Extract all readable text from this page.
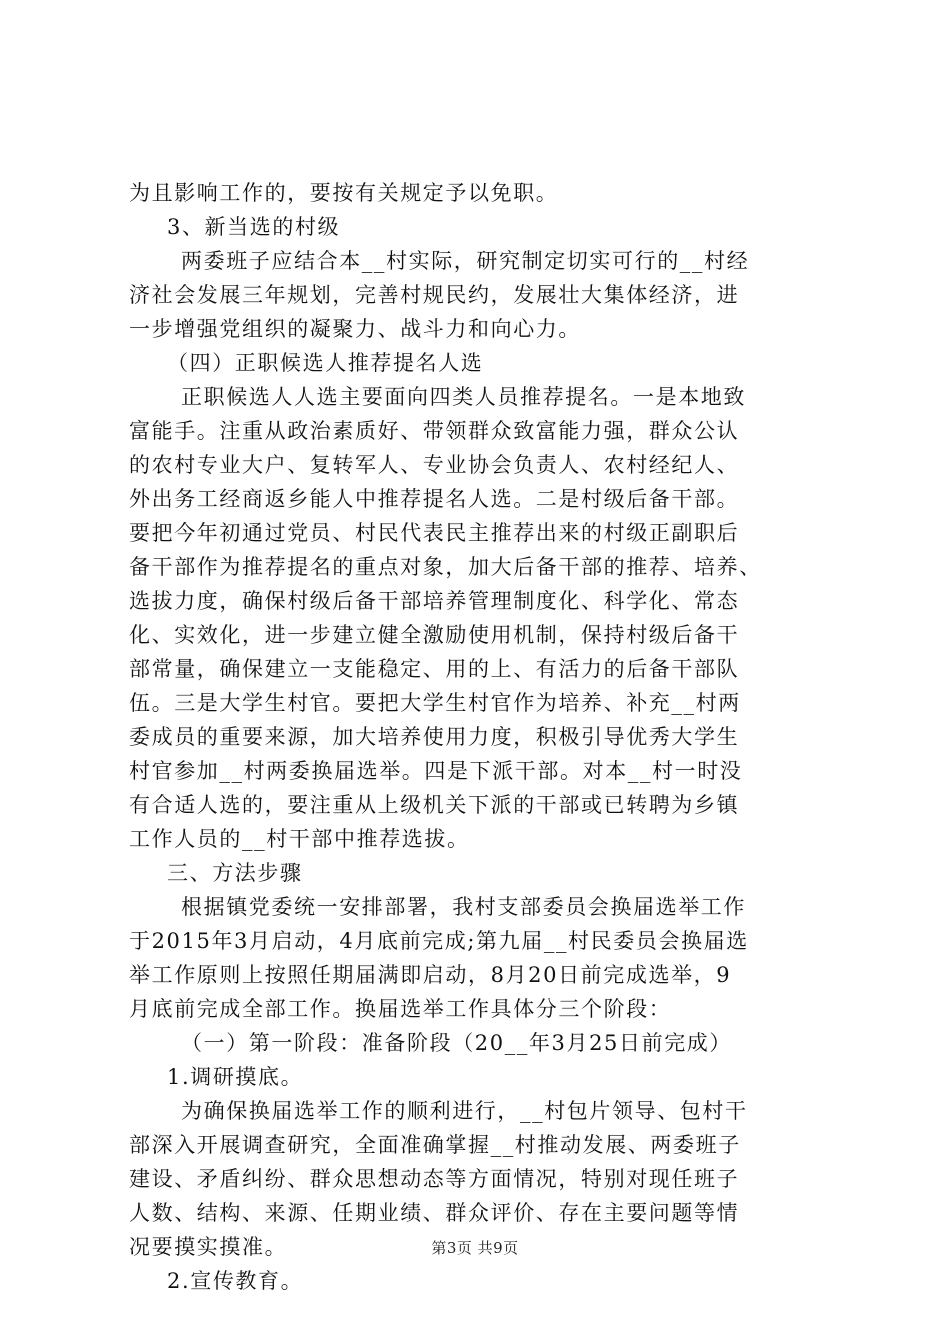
为且影响工作的，要按有关规定予以免职。
3、新当选的村级
两委班子应结合本__村实际，研究制定切实可行的__村经
济社会发展三年规划，完善村规民约，发展壮大集体经济，进
一步增强党组织的凝聚力、战斗力和向心力。
（四）正职候选人推荐提名人选
正职候选人人选主要面向四类人员推荐提名。一是本地致
富能手。注重从政治素质好、带领群众致富能力强，群众公认
的农村专业大户、复转军人、专业协会负责人、农村经纪人、
外出务工经商返乡能人中推荐提名人选。二是村级后备干部。
要把今年初通过党员、村民代表民主推荐出来的村级正副职后
备干部作为推荐提名的重点对象，加大后备干部的推荐、培养、
选拔力度，确保村级后备干部培养管理制度化、科学化、常态
化、实效化，进一步建立健全激励使用机制，保持村级后备干
部常量，确保建立一支能稳定、用的上、有活力的后备干部队
伍。三是大学生村官。要把大学生村官作为培养、补充__村两
委成员的重要来源，加大培养使用力度，积极引导优秀大学生
村官参加__村两委换届选举。四是下派干部。对本__村一时没
有合适人选的，要注重从上级机关下派的干部或已转聘为乡镇
工作人员的__村干部中推荐选拔。
三、方法步骤
根据镇党委统一安排部署，我村支部委员会换届选举工作
于2015年3月启动，4月底前完成;第九届__村民委员会换届选
举工作原则上按照任期届满即启动，8月20日前完成选举，9
月底前完成全部工作。换届选举工作具体分三个阶段：
（一）第一阶段：准备阶段（20__年3月25日前完成）
1.调研摸底。
为确保换届选举工作的顺利进行，__村包片领导、包村干
部深入开展调查研究，全面准确掌握__村推动发展、两委班子
建设、矛盾纠纷、群众思想动态等方面情况，特别对现任班子
人数、结构、来源、任期业绩、群众评价、存在主要问题等情
况要摸实摸准。
2.宣传教育。
第3页 共9页
